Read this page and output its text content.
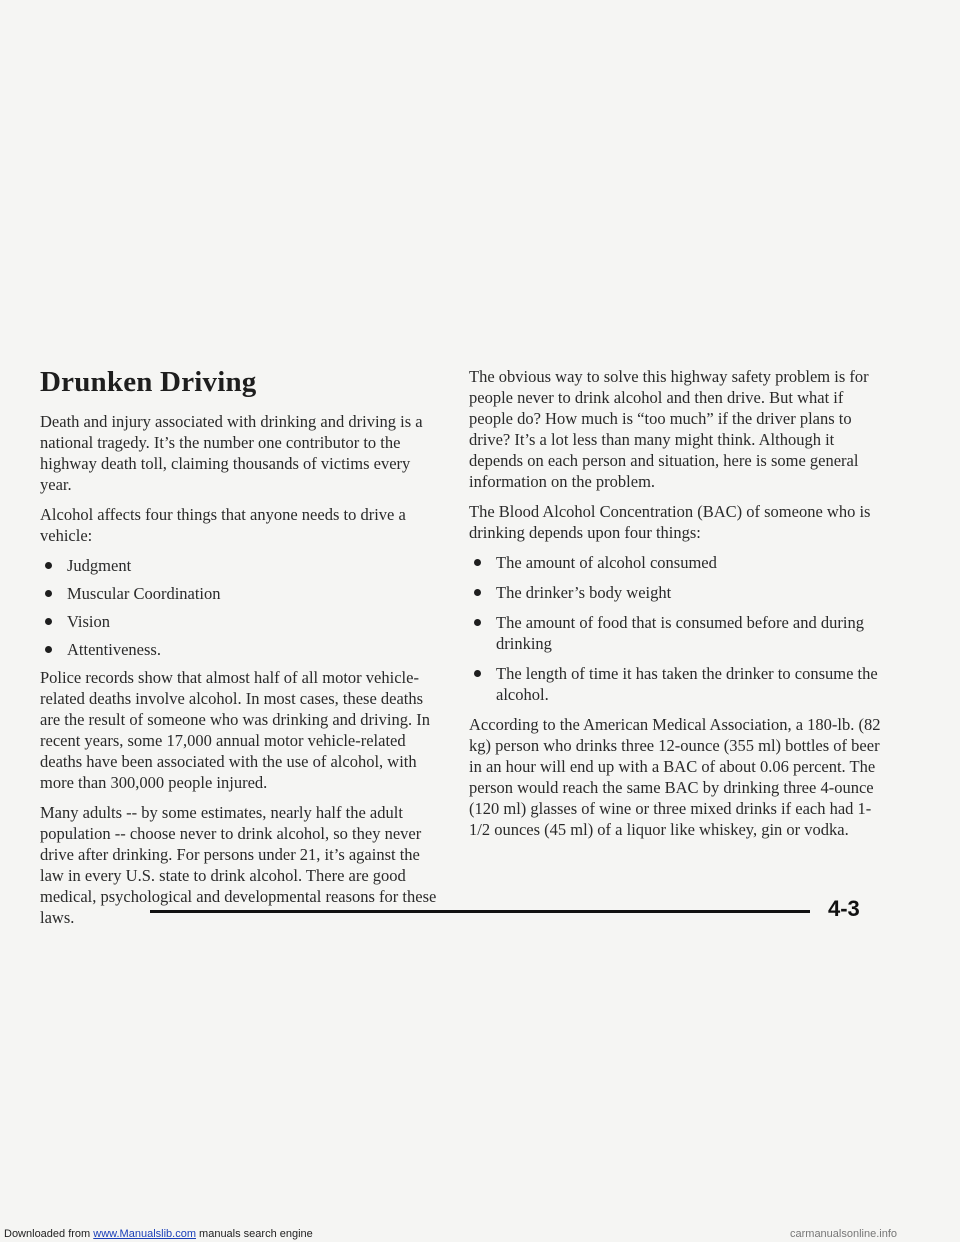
Drunken Driving

Death and injury associated with drinking and driving is a national tragedy. It’s the number one contributor to the highway death toll, claiming thousands of victims every year.

Alcohol affects four things that anyone needs to drive a vehicle:

Judgment
Muscular Coordination
Vision
Attentiveness.

Police records show that almost half of all motor vehicle-related deaths involve alcohol. In most cases, these deaths are the result of someone who was drinking and driving. In recent years, some 17,000 annual motor vehicle-related deaths have been associated with the use of alcohol, with more than 300,000 people injured.

Many adults -- by some estimates, nearly half the adult population -- choose never to drink alcohol, so they never drive after drinking. For persons under 21, it’s against the law in every U.S. state to drink alcohol. There are good medical, psychological and developmental reasons for these laws.

The obvious way to solve this highway safety problem is for people never to drink alcohol and then drive. But what if people do? How much is “too much” if the driver plans to drive? It’s a lot less than many might think. Although it depends on each person and situation, here is some general information on the problem.

The Blood Alcohol Concentration (BAC) of someone who is drinking depends upon four things:

The amount of alcohol consumed
The drinker’s body weight
The amount of food that is consumed before and during drinking
The length of time it has taken the drinker to consume the alcohol.

According to the American Medical Association, a 180-lb. (82 kg) person who drinks three 12-ounce (355 ml) bottles of beer in an hour will end up with a BAC of about 0.06 percent. The person would reach the same BAC by drinking three 4-ounce (120 ml) glasses of wine or three mixed drinks if each had 1-1/2 ounces (45 ml) of a liquor like whiskey, gin or vodka.

4-3
Downloaded from www.Manualslib.com manuals search engine	carmanualsonline.info
